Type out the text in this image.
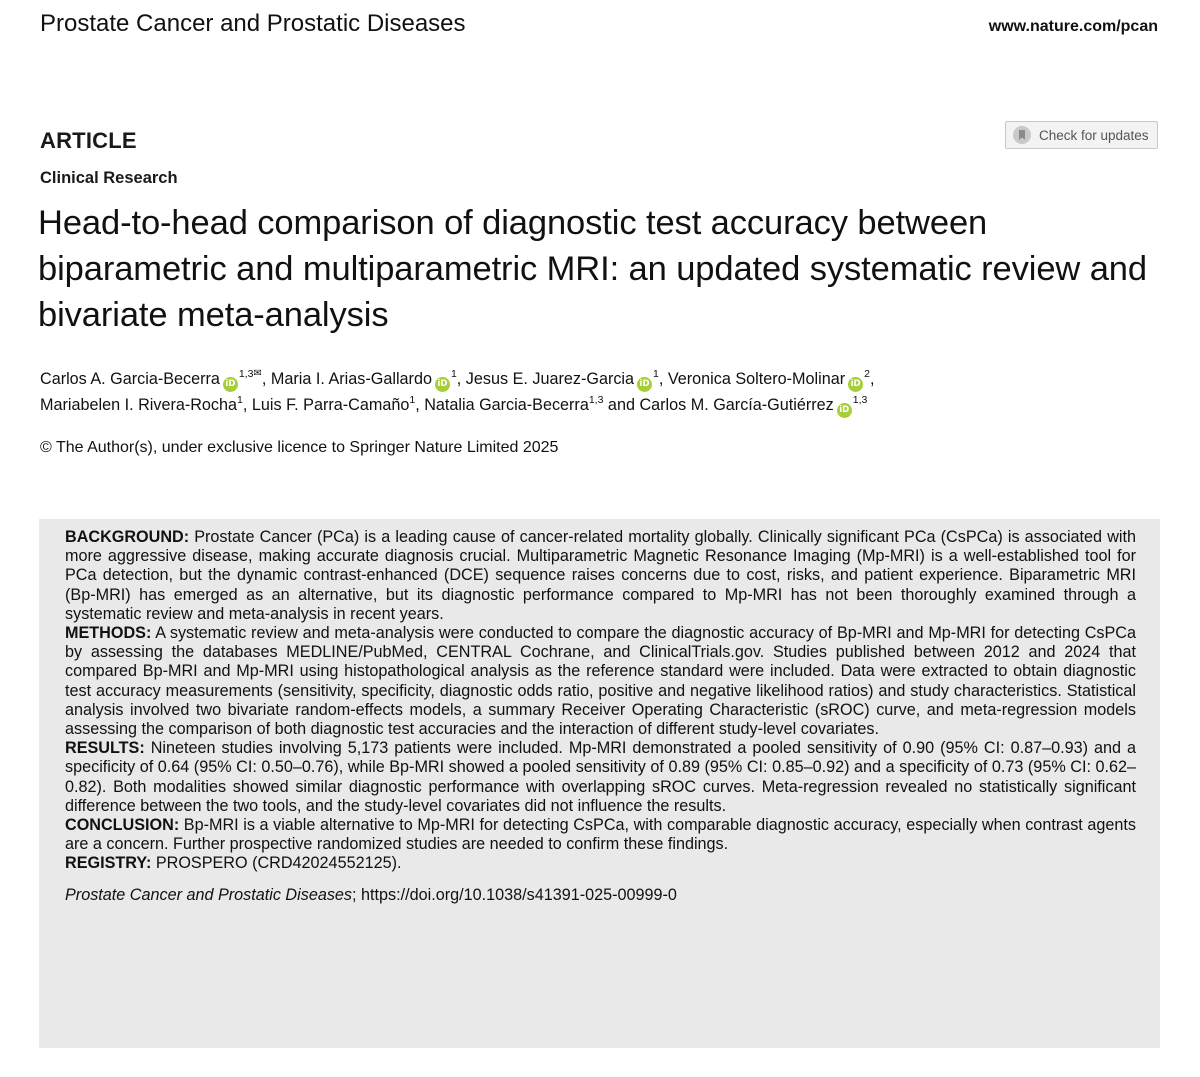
Prostate Cancer and Prostatic Diseases	www.nature.com/pcan
ARTICLE	Check for updates
Clinical Research
Head-to-head comparison of diagnostic test accuracy between biparametric and multiparametric MRI: an updated systematic review and bivariate meta-analysis
Carlos A. Garcia-Becerra $iD^{1,3✉}$, Maria I. Arias-Gallardo $iD^1$, Jesus E. Juarez-Garcia $iD^1$, Veronica Soltero-Molinar $iD^2$,
Mariabelen I. Rivera-Rocha$^1$, Luis F. Parra-Camaño$^1$, Natalia Garcia-Becerra$^{1,3}$ and Carlos M. García-Gutiérrez iD$^{1,3}$
© The Author(s), under exclusive licence to Springer Nature Limited 2025

BACKGROUND: Prostate Cancer (PCa) is a leading cause of cancer-related mortality globally. Clinically significant PCa (CsPCa) is associated with more aggressive disease, making accurate diagnosis crucial. Multiparametric Magnetic Resonance Imaging (Mp-MRI) is a well-established tool for PCa detection, but the dynamic contrast-enhanced (DCE) sequence raises concerns due to cost, risks, and patient experience. Biparametric MRI (Bp-MRI) has emerged as an alternative, but its diagnostic performance compared to Mp-MRI has not been thoroughly examined through a systematic review and meta-analysis in recent years.

METHODS: A systematic review and meta-analysis were conducted to compare the diagnostic accuracy of Bp-MRI and Mp-MRI for detecting CsPCa by assessing the databases MEDLINE/PubMed, CENTRAL Cochrane, and ClinicalTrials.gov. Studies published between 2012 and 2024 that compared Bp-MRI and Mp-MRI using histopathological analysis as the reference standard were included. Data were extracted to obtain diagnostic test accuracy measurements (sensitivity, specificity, diagnostic odds ratio, positive and negative likelihood ratios) and study characteristics. Statistical analysis involved two bivariate random-effects models, a summary Receiver Operating Characteristic (sROC) curve, and meta-regression models assessing the comparison of both diagnostic test accuracies and the interaction of different study-level covariates.

RESULTS: Nineteen studies involving 5,173 patients were included. Mp-MRI demonstrated a pooled sensitivity of 0.90 (95% CI: 0.87–0.93) and a specificity of 0.64 (95% CI: 0.50–0.76), while Bp-MRI showed a pooled sensitivity of 0.89 (95% CI: 0.85–0.92) and a specificity of 0.73 (95% CI: 0.62–0.82). Both modalities showed similar diagnostic performance with overlapping sROC curves. Meta-regression revealed no statistically significant difference between the two tools, and the study-level covariates did not influence the results.

CONCLUSION: Bp-MRI is a viable alternative to Mp-MRI for detecting CsPCa, with comparable diagnostic accuracy, especially when contrast agents are a concern. Further prospective randomized studies are needed to confirm these findings.

REGISTRY: PROSPERO (CRD42024552125).

Prostate Cancer and Prostatic Diseases; https://doi.org/10.1038/s41391-025-00999-0
